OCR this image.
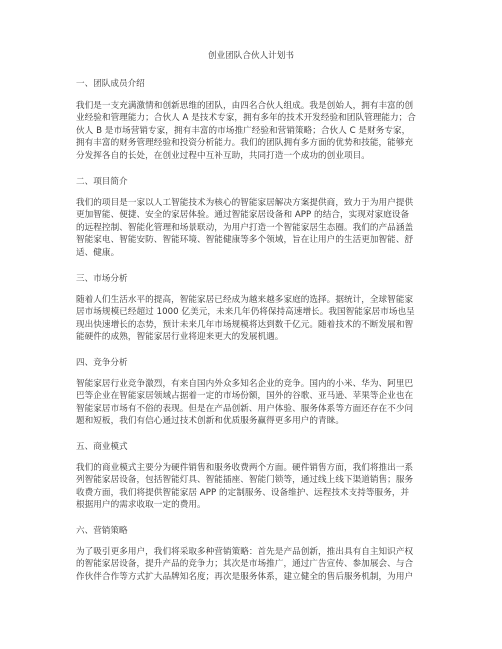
创业团队合伙人计划书
一、团队成员介绍
我们是一支充满激情和创新思维的团队，由四名合伙人组成。我是创始人，拥有丰富的创
业经验和管理能力；合伙人 A 是技术专家，拥有多年的技术开发经验和团队管理能力；合
伙人 B 是市场营销专家，拥有丰富的市场推广经验和营销策略；合伙人 C 是财务专家，
拥有丰富的财务管理经验和投资分析能力。我们的团队拥有多方面的优势和技能，能够充
分发挥各自的长处，在创业过程中互补互助，共同打造一个成功的创业项目。
二、项目简介
我们的项目是一家以人工智能技术为核心的智能家居解决方案提供商，致力于为用户提供
更加智能、便捷、安全的家居体验。通过智能家居设备和 APP 的结合，实现对家庭设备
的远程控制、智能化管理和场景联动，为用户打造一个智能家居生态圈。我们的产品涵盖
智能家电、智能安防、智能环境、智能健康等多个领域，旨在让用户的生活更加智能、舒
适、健康。
三、市场分析
随着人们生活水平的提高，智能家居已经成为越来越多家庭的选择。据统计，全球智能家
居市场规模已经超过 1000 亿美元，未来几年仍将保持高速增长。我国智能家居市场也呈
现出快速增长的态势，预计未来几年市场规模将达到数千亿元。随着技术的不断发展和智
能硬件的成熟，智能家居行业将迎来更大的发展机遇。
四、竞争分析
智能家居行业竞争激烈，有来自国内外众多知名企业的竞争。国内的小米、华为、阿里巴
巴等企业在智能家居领域占据着一定的市场份额，国外的谷歌、亚马逊、苹果等企业也在
智能家居市场有不俗的表现。但是在产品创新、用户体验、服务体系等方面还存在不少问
题和短板，我们有信心通过技术创新和优质服务赢得更多用户的青睐。
五、商业模式
我们的商业模式主要分为硬件销售和服务收费两个方面。硬件销售方面，我们将推出一系
列智能家居设备，包括智能灯具、智能插座、智能门锁等，通过线上线下渠道销售；服务
收费方面，我们将提供智能家居 APP 的定制服务、设备维护、远程技术支持等服务，并
根据用户的需求收取一定的费用。
六、营销策略
为了吸引更多用户，我们将采取多种营销策略：首先是产品创新，推出具有自主知识产权
的智能家居设备，提升产品的竞争力；其次是市场推广，通过广告宣传、参加展会、与合
作伙伴合作等方式扩大品牌知名度；再次是服务体系，建立健全的售后服务机制，为用户
